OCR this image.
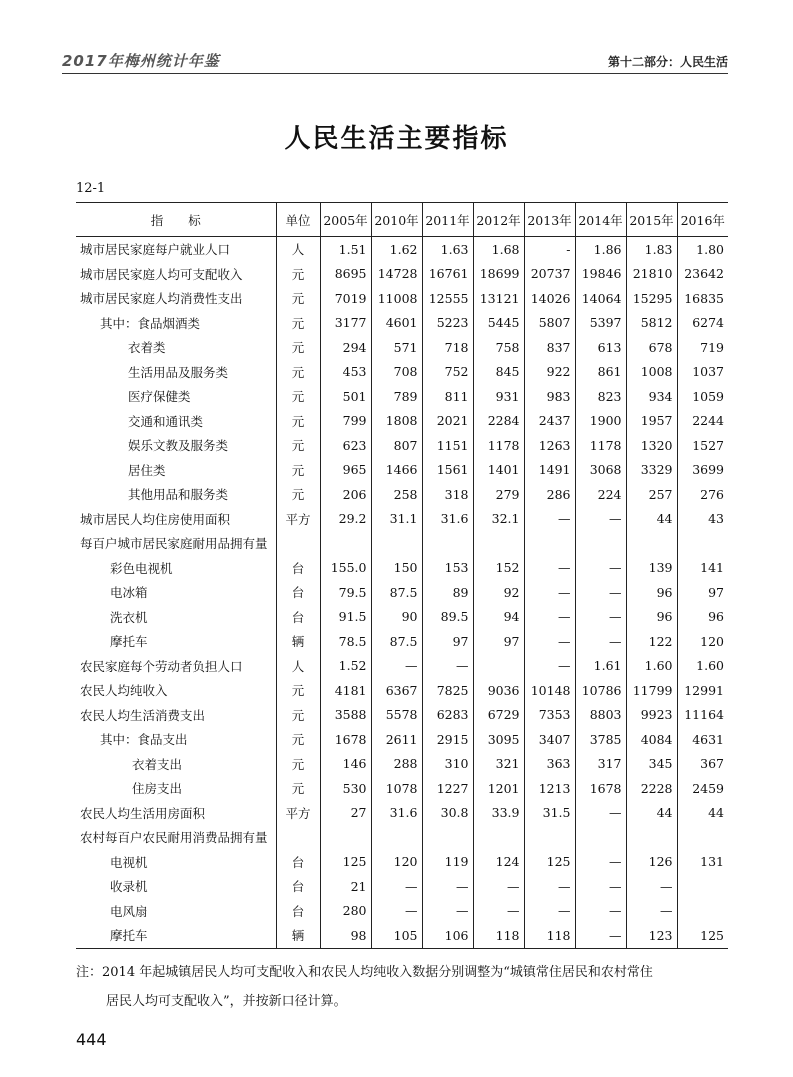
2017年梅州统计年鉴	第十二部分：人民生活
人民生活主要指标
12-1
指　　标	单位	2005年	2010年	2011年	2012年	2013年	2014年	2015年	2016年
城市居民家庭每户就业人口	人	1.51	1.62	1.63	1.68	-	1.86	1.83	1.80
城市居民家庭人均可支配收入	元	8695	14728	16761	18699	20737	19846	21810	23642
城市居民家庭人均消费性支出	元	7019	11008	12555	13121	14026	14064	15295	16835
其中：食品烟酒类	元	3177	4601	5223	5445	5807	5397	5812	6274
衣着类	元	294	571	718	758	837	613	678	719
生活用品及服务类	元	453	708	752	845	922	861	1008	1037
医疗保健类	元	501	789	811	931	983	823	934	1059
交通和通讯类	元	799	1808	2021	2284	2437	1900	1957	2244
娱乐文教及服务类	元	623	807	1151	1178	1263	1178	1320	1527
居住类	元	965	1466	1561	1401	1491	3068	3329	3699
其他用品和服务类	元	206	258	318	279	286	224	257	276
城市居民人均住房使用面积	平方	29.2	31.1	31.6	32.1	—	—	44	43
每百户城市居民家庭耐用品拥有量									
彩色电视机	台	155.0	150	153	152	—	—	139	141
电冰箱	台	79.5	87.5	89	92	—	—	96	97
洗衣机	台	91.5	90	89.5	94	—	—	96	96
摩托车	辆	78.5	87.5	97	97	—	—	122	120
农民家庭每个劳动者负担人口	人	1.52	—	—		—	1.61	1.60	1.60
农民人均纯收入	元	4181	6367	7825	9036	10148	10786	11799	12991
农民人均生活消费支出	元	3588	5578	6283	6729	7353	8803	9923	11164
其中：食品支出	元	1678	2611	2915	3095	3407	3785	4084	4631
衣着支出	元	146	288	310	321	363	317	345	367
住房支出	元	530	1078	1227	1201	1213	1678	2228	2459
农民人均生活用房面积	平方	27	31.6	30.8	33.9	31.5	—	44	44
农村每百户农民耐用消费品拥有量									
电视机	台	125	120	119	124	125	—	126	131
收录机	台	21	—	—	—	—	—	—	
电风扇	台	280	—	—	—	—	—	—	
摩托车	辆	98	105	106	118	118	—	123	125
注：2014 年起城镇居民人均可支配收入和农民人均纯收入数据分别调整为“城镇常住居民和农村常住
居民人均可支配收入”，并按新口径计算。
444
